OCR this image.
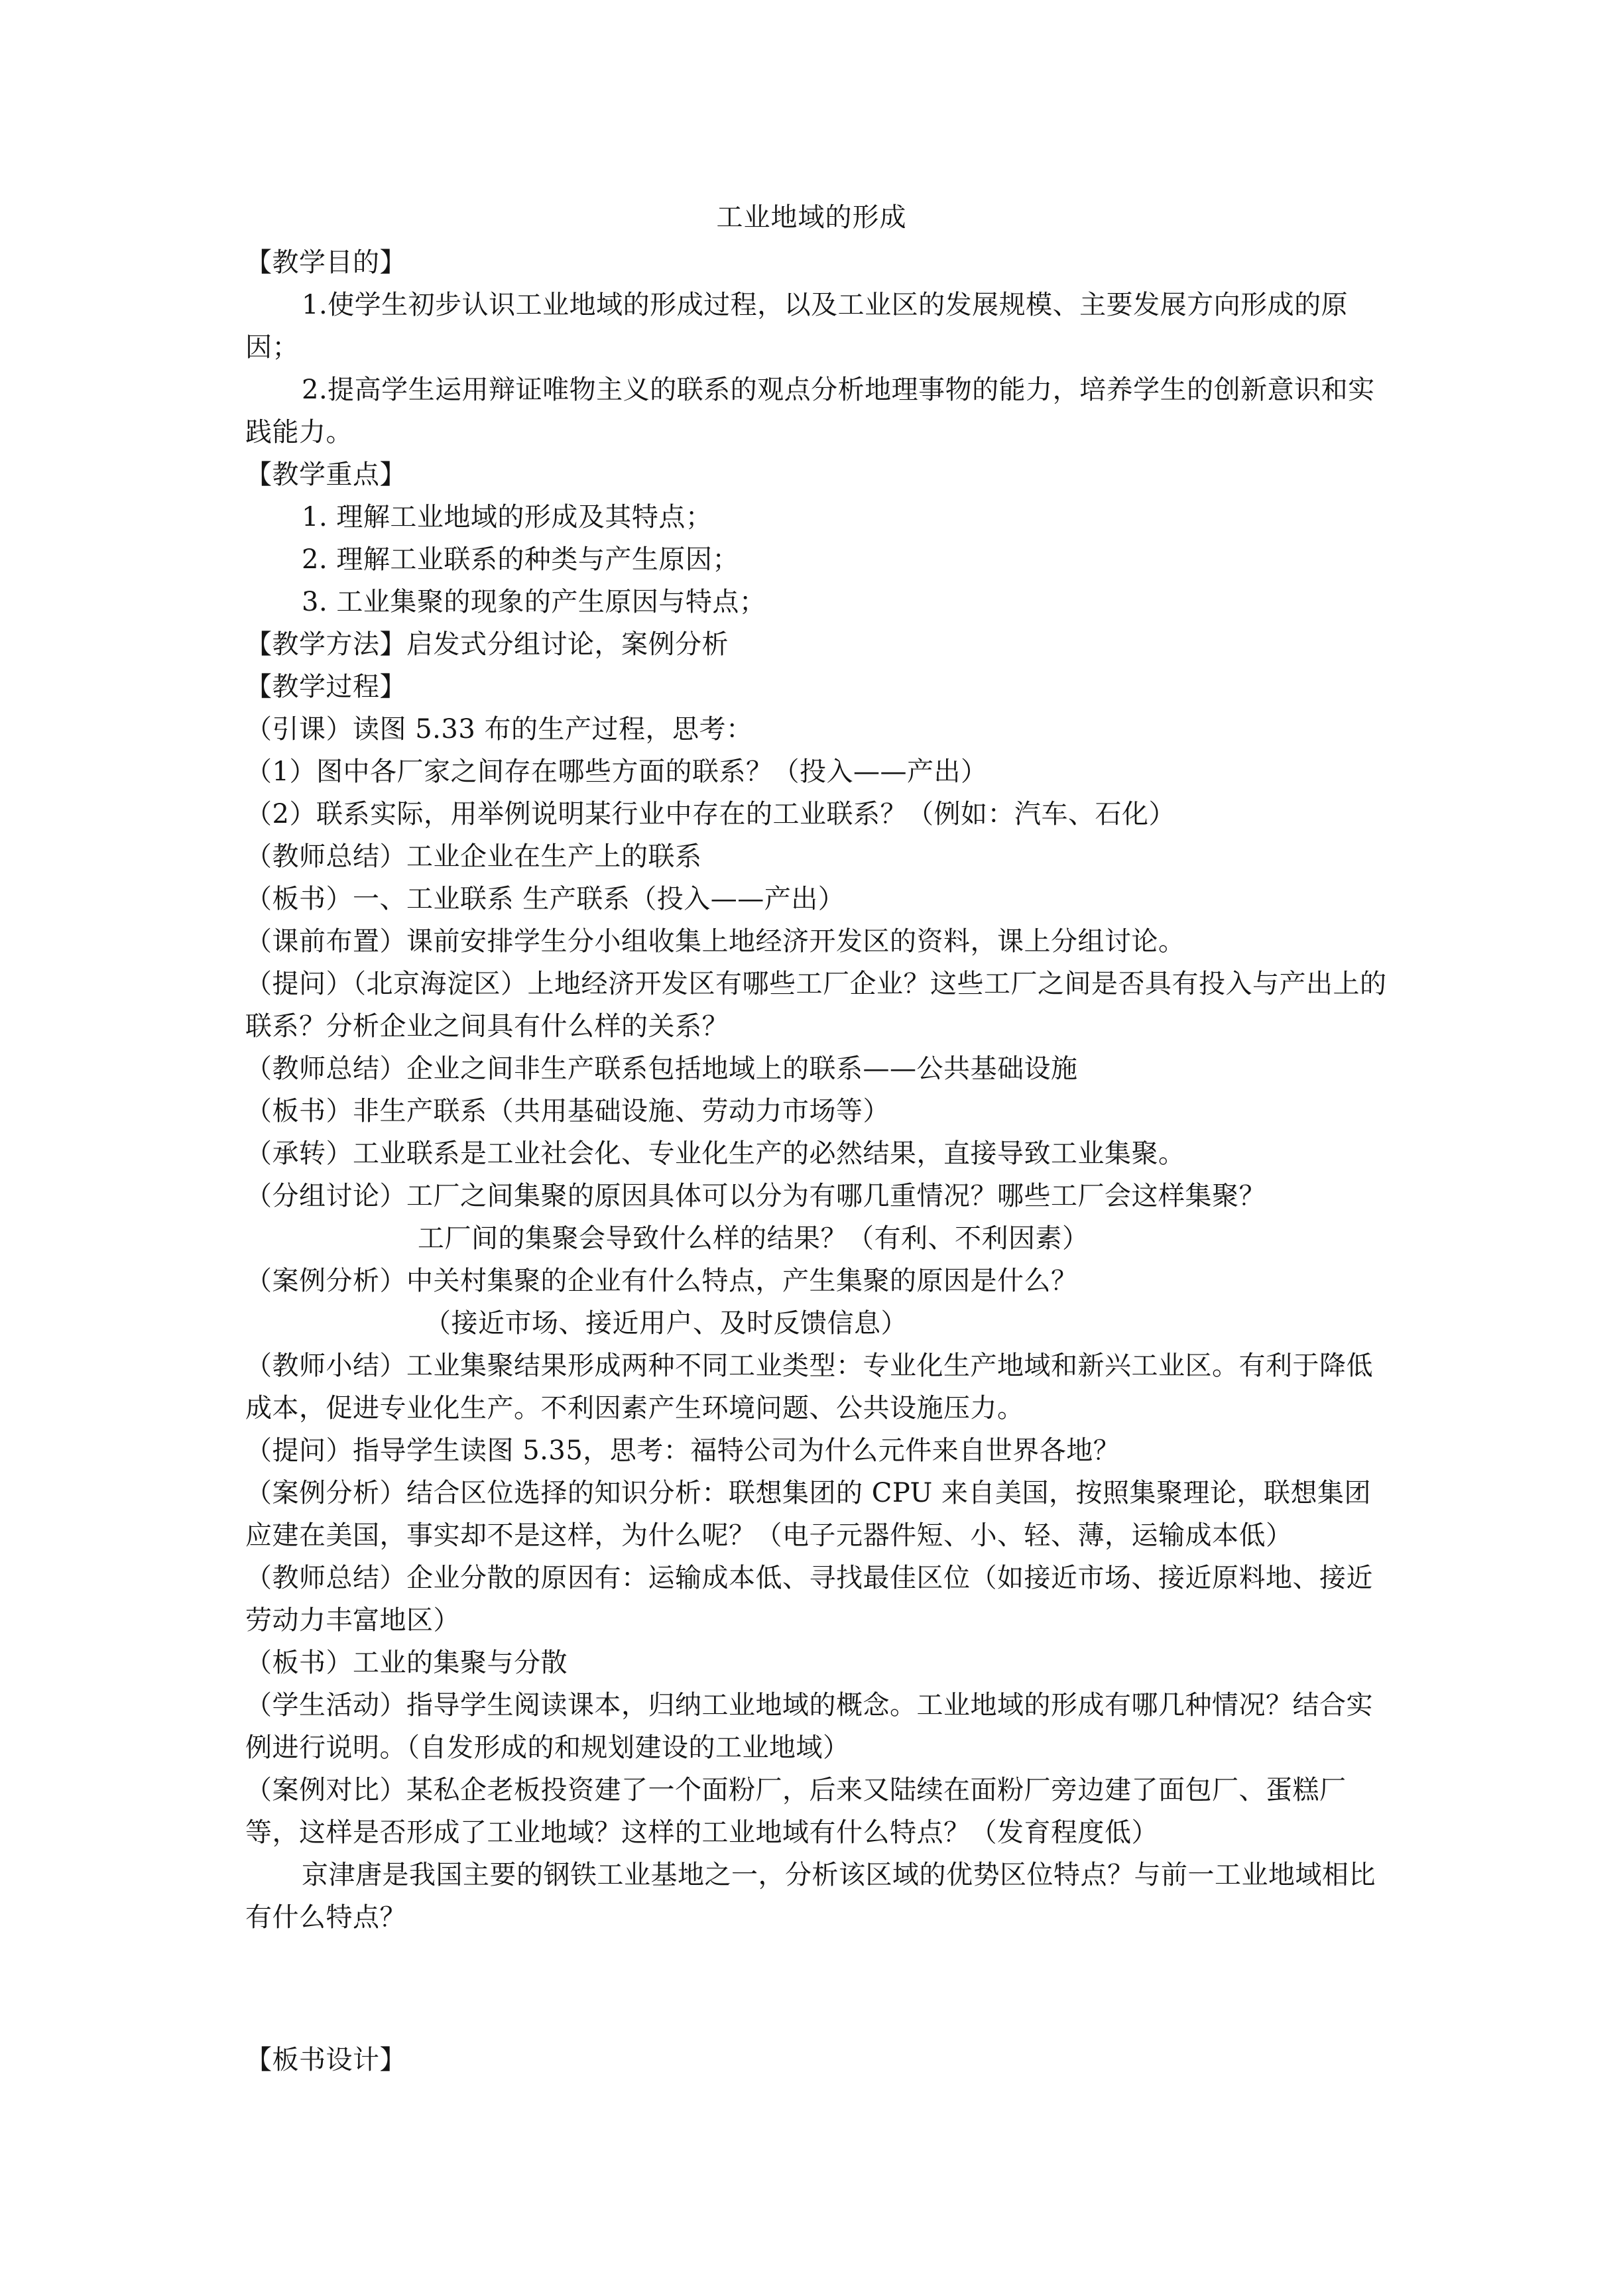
工业地域的形成

【教学目的】

1.使学生初步认识工业地域的形成过程，以及工业区的发展规模、主要发展方向形成的原因；

2.提高学生运用辩证唯物主义的联系的观点分析地理事物的能力，培养学生的创新意识和实践能力。

【教学重点】

1. 理解工业地域的形成及其特点；

2. 理解工业联系的种类与产生原因；

3. 工业集聚的现象的产生原因与特点；

【教学方法】启发式分组讨论，案例分析

【教学过程】

（引课）读图 5.33 布的生产过程，思考：

（1）图中各厂家之间存在哪些方面的联系？（投入——产出）

（2）联系实际，用举例说明某行业中存在的工业联系？（例如：汽车、石化）

（教师总结）工业企业在生产上的联系

（板书）一、工业联系 生产联系（投入——产出）

（课前布置）课前安排学生分小组收集上地经济开发区的资料，课上分组讨论。

（提问）（北京海淀区）上地经济开发区有哪些工厂企业？这些工厂之间是否具有投入与产出上的联系？分析企业之间具有什么样的关系？

（教师总结）企业之间非生产联系包括地域上的联系——公共基础设施

（板书）非生产联系（共用基础设施、劳动力市场等）

（承转）工业联系是工业社会化、专业化生产的必然结果，直接导致工业集聚。

（分组讨论）工厂之间集聚的原因具体可以分为有哪几重情况？哪些工厂会这样集聚？

工厂间的集聚会导致什么样的结果？（有利、不利因素）

（案例分析）中关村集聚的企业有什么特点，产生集聚的原因是什么？

（接近市场、接近用户、及时反馈信息）

（教师小结）工业集聚结果形成两种不同工业类型：专业化生产地域和新兴工业区。有利于降低成本，促进专业化生产。不利因素产生环境问题、公共设施压力。

（提问）指导学生读图 5.35，思考：福特公司为什么元件来自世界各地？

（案例分析）结合区位选择的知识分析：联想集团的 CPU 来自美国，按照集聚理论，联想集团应建在美国，事实却不是这样，为什么呢？（电子元器件短、小、轻、薄，运输成本低）

（教师总结）企业分散的原因有：运输成本低、寻找最佳区位（如接近市场、接近原料地、接近劳动力丰富地区）

（板书）工业的集聚与分散

（学生活动）指导学生阅读课本，归纳工业地域的概念。工业地域的形成有哪几种情况？结合实例进行说明。（自发形成的和规划建设的工业地域）

（案例对比）某私企老板投资建了一个面粉厂，后来又陆续在面粉厂旁边建了面包厂、蛋糕厂等，这样是否形成了工业地域？这样的工业地域有什么特点？（发育程度低）

京津唐是我国主要的钢铁工业基地之一，分析该区域的优势区位特点？与前一工业地域相比有什么特点？

【板书设计】
